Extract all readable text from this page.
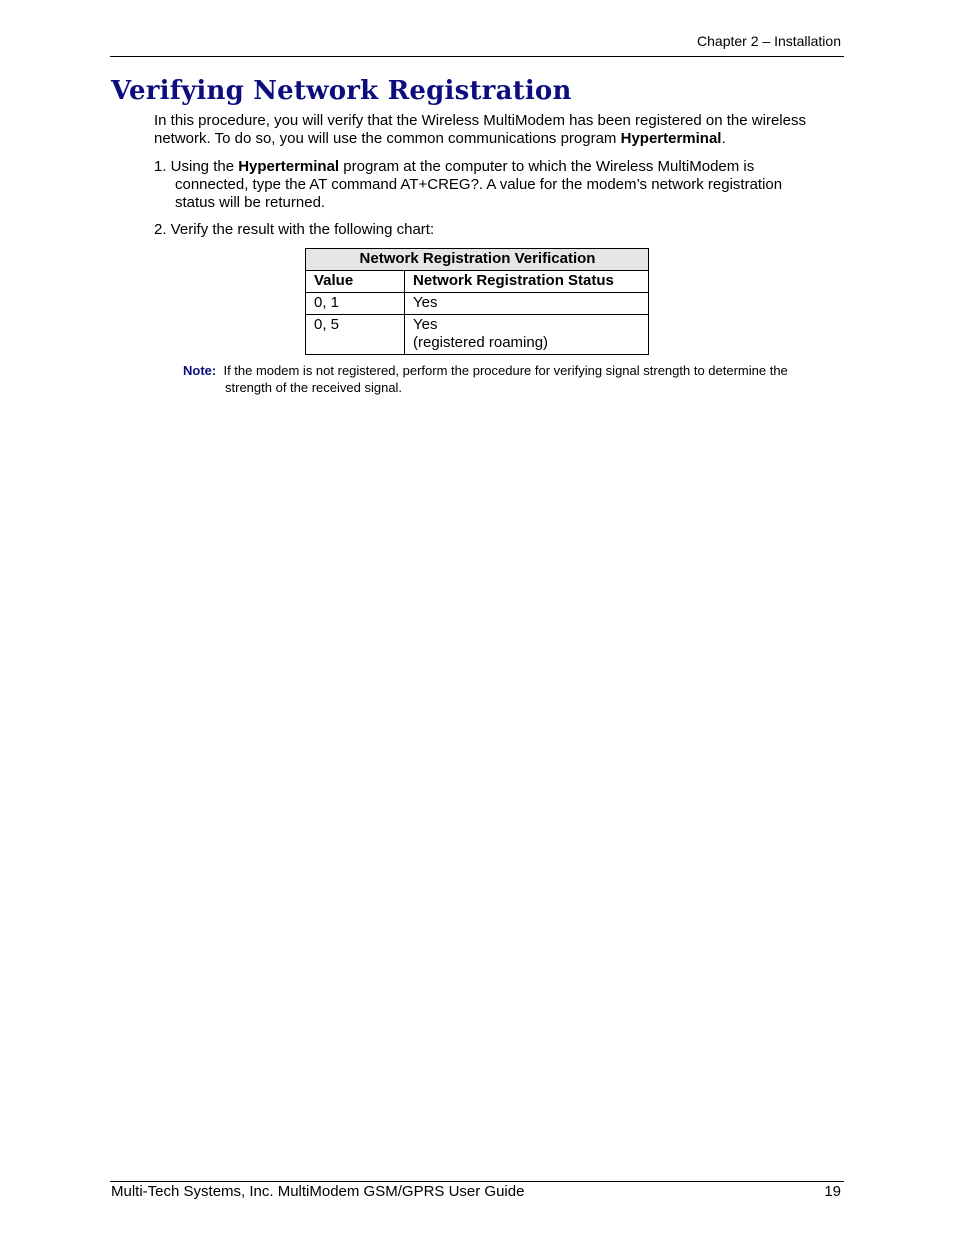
Chapter 2 – Installation
Verifying Network Registration
In this procedure, you will verify that the Wireless MultiModem has been registered on the wireless
network. To do so, you will use the common communications program Hyperterminal.
1. Using the Hyperterminal program at the computer to which the Wireless MultiModem is
connected, type the AT command AT+CREG?. A value for the modem’s network registration
status will be returned.
2. Verify the result with the following chart:
Network Registration Verification	
Value	Network Registration Status
0, 1	Yes
0, 5	Yes
(registered roaming)
Note: If the modem is not registered, perform the procedure for verifying signal strength to determine the
strength of the received signal.
Multi-Tech Systems, Inc. MultiModem GSM/GPRS User Guide	19
